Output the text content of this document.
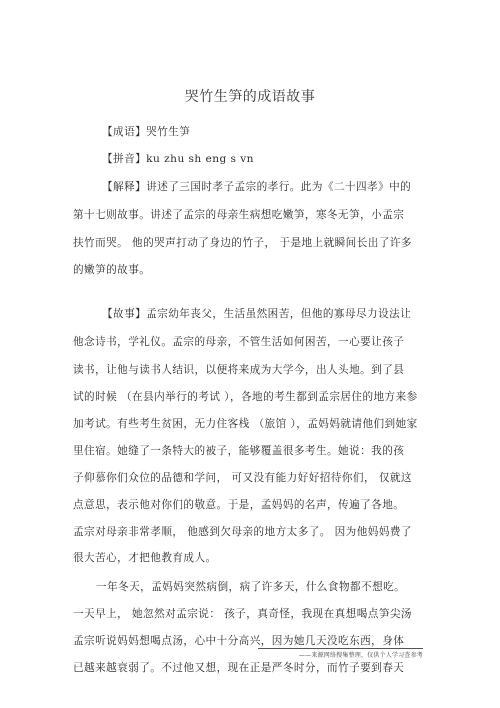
哭竹生笋的成语故事
【成语】哭竹生笋
【拼音】ku zhu sh eng s vn
【解释】讲述了三国时孝子孟宗的孝行。此为《二十四孝》中的
第十七则故事。讲述了孟宗的母亲生病想吃嫩笋，寒冬无笋，小孟宗
扶竹而哭。 他的哭声打动了身边的竹子， 于是地上就瞬间长出了许多
的嫩笋的故事。
【故事】孟宗幼年丧父，生活虽然困苦，但他的寡母尽力设法让
他念诗书，学礼仪。孟宗的母亲，不管生活如何困苦，一心要让孩子
读书，让他与读书人结识，以便将来成为大学今，出人头地。到了县
试的时候 （在县内举行的考试 ），各地的考生都到孟宗居住的地方来参
加考试。有些考生贫困，无力住客栈 （旅馆 ），孟妈妈就请他们到她家
里住宿。她缝了一条特大的被子，能够覆盖很多考生。她说：我的孩
子仰慕你们众位的品德和学问， 可又没有能力好好招待你们， 仅就这
点意思，表示他对你们的敬意。于是，孟妈妈的名声，传遍了各地。
孟宗对母亲非常孝顺， 他感到欠母亲的地方太多了。 因为他妈妈费了
很大苦心，才把他教育成人。
一年冬天，孟妈妈突然病倒，病了许多天，什么食物都不想吃。
一天早上， 她忽然对孟宗说： 孩子，真奇怪，我现在真想喝点笋尖汤
孟宗听说妈妈想喝点汤，心中十分高兴，因为她几天没吃东西，身体
已越来越衰弱了。不过他又想，现在正是严冬时分，而竹子要到春天
——来源网络搜集整理，仅供个人学习查参考
